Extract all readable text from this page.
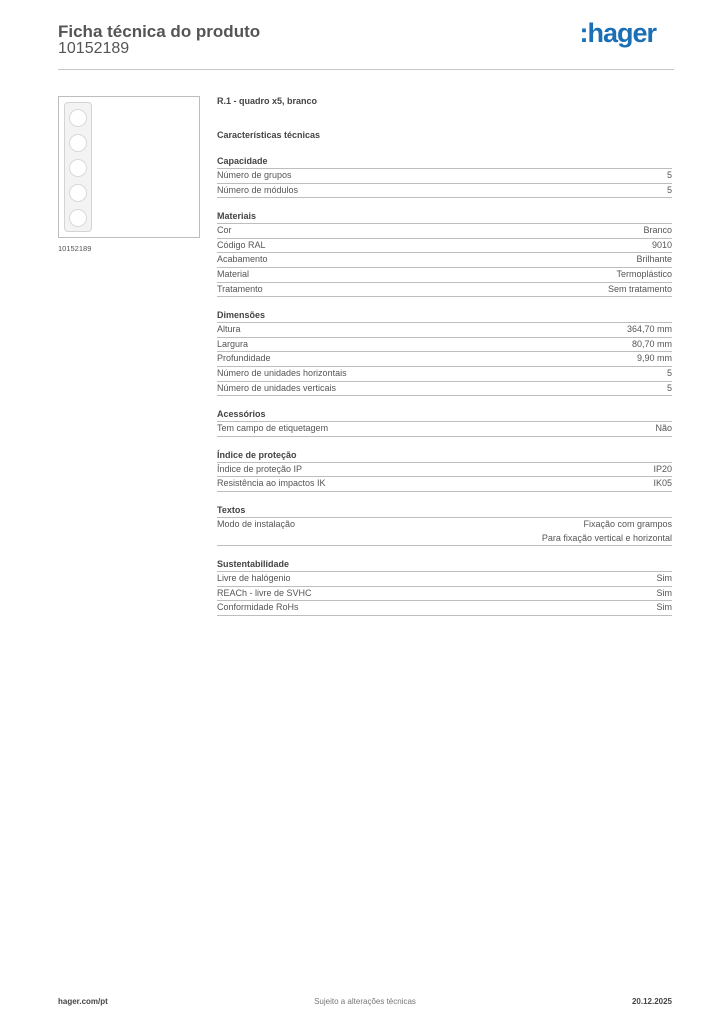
Ficha técnica do produto
10152189
:hager
10152189
R.1 - quadro x5, branco
Características técnicas
Capacidade
Número de grupos	5
Número de módulos	5
Materiais
Cor	Branco
Código RAL	9010
Acabamento	Brilhante
Material	Termoplástico
Tratamento	Sem tratamento
Dimensões
Altura	364,70 mm
Largura	80,70 mm
Profundidade	9,90 mm
Número de unidades horizontais	5
Número de unidades verticais	5
Acessórios
Tem campo de etiquetagem	Não
Índice de proteção
Índice de proteção IP	IP20
Resistência ao impactos IK	IK05
Textos
Modo de instalação	Fixação com grampos
Para fixação vertical e horizontal
Sustentabilidade
Livre de halógenio	Sim
REACh - livre de SVHC	Sim
Conformidade RoHs	Sim
hager.com/pt	Sujeito a alterações técnicas	20.12.2025
